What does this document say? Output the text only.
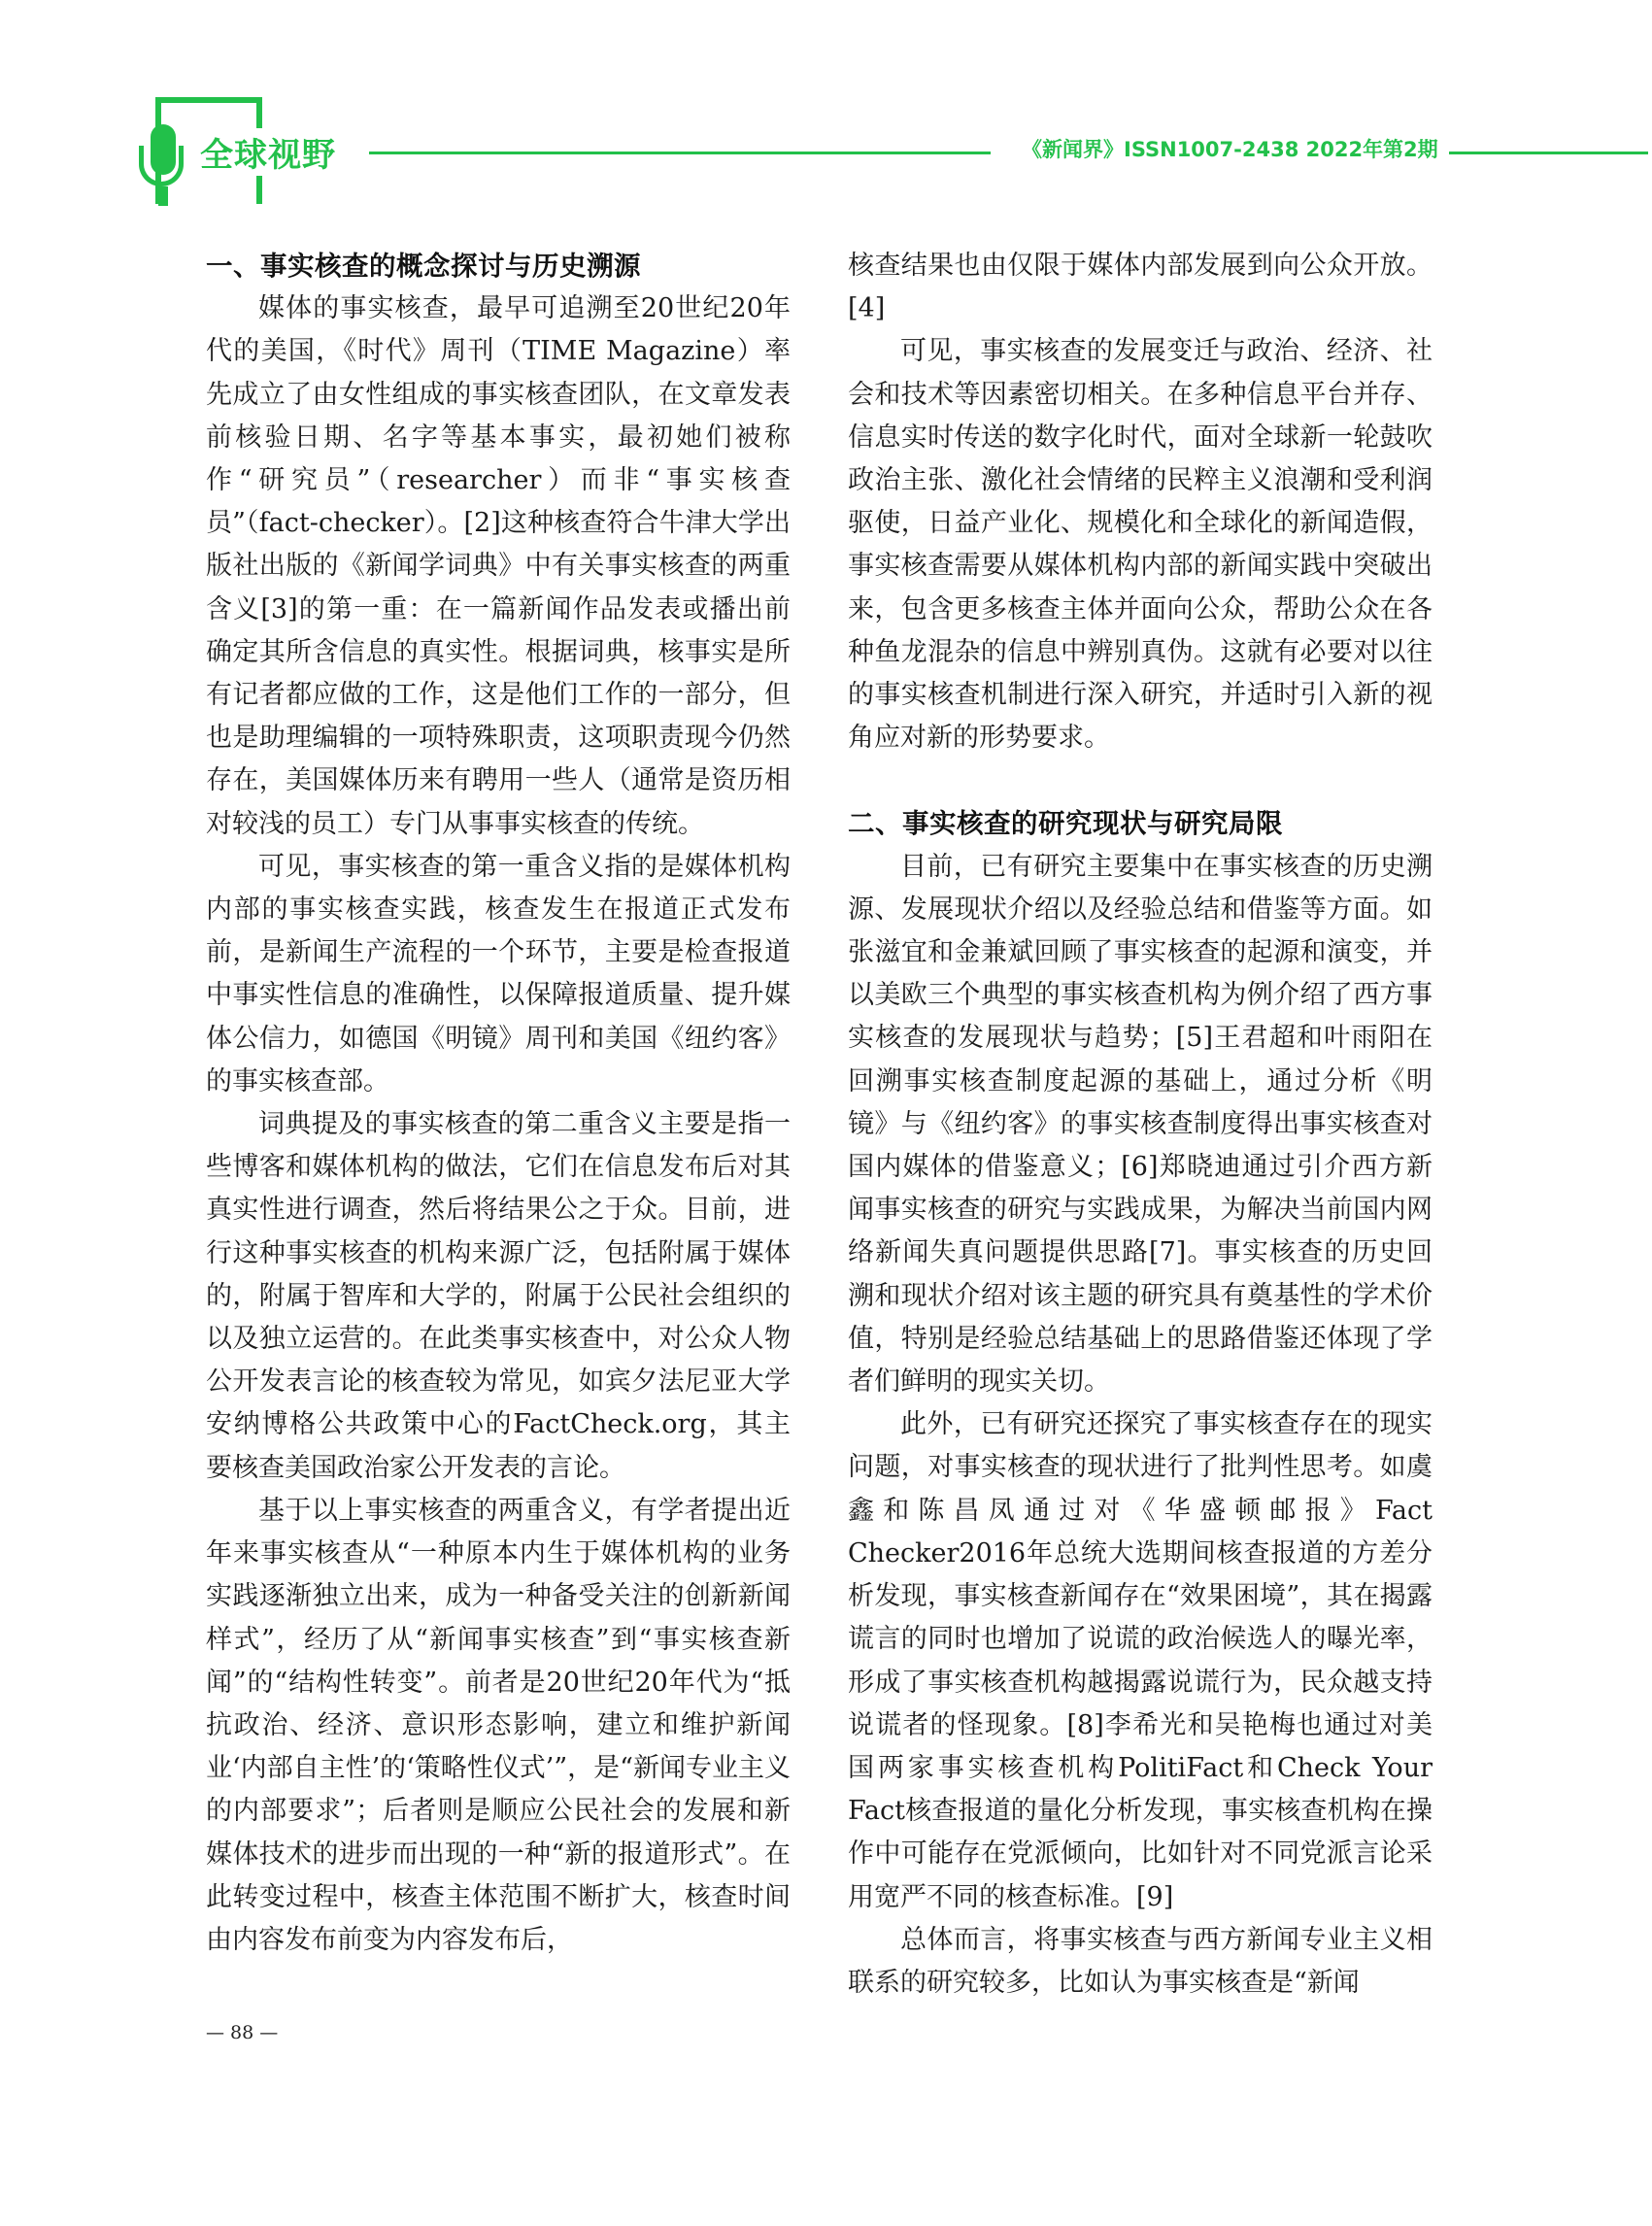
全球视野	《新闻界》ISSN1007-2438 2022年第2期
一、事实核查的概念探讨与历史溯源

媒体的事实核查，最早可追溯至20世纪20年代的美国，《时代》周刊（TIME Magazine）率先成立了由女性组成的事实核查团队，在文章发表前核验日期、名字等基本事实，最初她们被称作“研究员”（researcher）而非“事实核查员”（fact-checker）。[2]这种核查符合牛津大学出版社出版的《新闻学词典》中有关事实核查的两重含义[3]的第一重：在一篇新闻作品发表或播出前确定其所含信息的真实性。根据词典，核事实是所有记者都应做的工作，这是他们工作的一部分，但也是助理编辑的一项特殊职责，这项职责现今仍然存在，美国媒体历来有聘用一些人（通常是资历相对较浅的员工）专门从事事实核查的传统。

可见，事实核查的第一重含义指的是媒体机构内部的事实核查实践，核查发生在报道正式发布前，是新闻生产流程的一个环节，主要是检查报道中事实性信息的准确性，以保障报道质量、提升媒体公信力，如德国《明镜》周刊和美国《纽约客》的事实核查部。

词典提及的事实核查的第二重含义主要是指一些博客和媒体机构的做法，它们在信息发布后对其真实性进行调查，然后将结果公之于众。目前，进行这种事实核查的机构来源广泛，包括附属于媒体的，附属于智库和大学的，附属于公民社会组织的以及独立运营的。在此类事实核查中，对公众人物公开发表言论的核查较为常见，如宾夕法尼亚大学安纳博格公共政策中心的FactCheck.org，其主要核查美国政治家公开发表的言论。

基于以上事实核查的两重含义，有学者提出近年来事实核查从“一种原本内生于媒体机构的业务实践逐渐独立出来，成为一种备受关注的创新新闻样式”，经历了从“新闻事实核查”到“事实核查新闻”的“结构性转变”。前者是20世纪20年代为“抵抗政治、经济、意识形态影响，建立和维护新闻业‘内部自主性’的‘策略性仪式’”，是“新闻专业主义的内部要求”；后者则是顺应公民社会的发展和新媒体技术的进步而出现的一种“新的报道形式”。在此转变过程中，核查主体范围不断扩大，核查时间由内容发布前变为内容发布后，

核查结果也由仅限于媒体内部发展到向公众开放。[4]

可见，事实核查的发展变迁与政治、经济、社会和技术等因素密切相关。在多种信息平台并存、信息实时传送的数字化时代，面对全球新一轮鼓吹政治主张、激化社会情绪的民粹主义浪潮和受利润驱使，日益产业化、规模化和全球化的新闻造假，事实核查需要从媒体机构内部的新闻实践中突破出来，包含更多核查主体并面向公众，帮助公众在各种鱼龙混杂的信息中辨别真伪。这就有必要对以往的事实核查机制进行深入研究，并适时引入新的视角应对新的形势要求。

二、事实核查的研究现状与研究局限

目前，已有研究主要集中在事实核查的历史溯源、发展现状介绍以及经验总结和借鉴等方面。如张滋宜和金兼斌回顾了事实核查的起源和演变，并以美欧三个典型的事实核查机构为例介绍了西方事实核查的发展现状与趋势；[5]王君超和叶雨阳在回溯事实核查制度起源的基础上，通过分析《明镜》与《纽约客》的事实核查制度得出事实核查对国内媒体的借鉴意义；[6]郑晓迪通过引介西方新闻事实核查的研究与实践成果，为解决当前国内网络新闻失真问题提供思路[7]。事实核查的历史回溯和现状介绍对该主题的研究具有奠基性的学术价值，特别是经验总结基础上的思路借鉴还体现了学者们鲜明的现实关切。

此外，已有研究还探究了事实核查存在的现实问题，对事实核查的现状进行了批判性思考。如虞鑫和陈昌凤通过对《华盛顿邮报》Fact Checker2016年总统大选期间核查报道的方差分析发现，事实核查新闻存在“效果困境”，其在揭露谎言的同时也增加了说谎的政治候选人的曝光率，形成了事实核查机构越揭露说谎行为，民众越支持说谎者的怪现象。[8]李希光和吴艳梅也通过对美国两家事实核查机构PolitiFact和Check Your Fact核查报道的量化分析发现，事实核查机构在操作中可能存在党派倾向，比如针对不同党派言论采用宽严不同的核查标准。[9]

总体而言，将事实核查与西方新闻专业主义相联系的研究较多，比如认为事实核查是“新闻

— 88 —
